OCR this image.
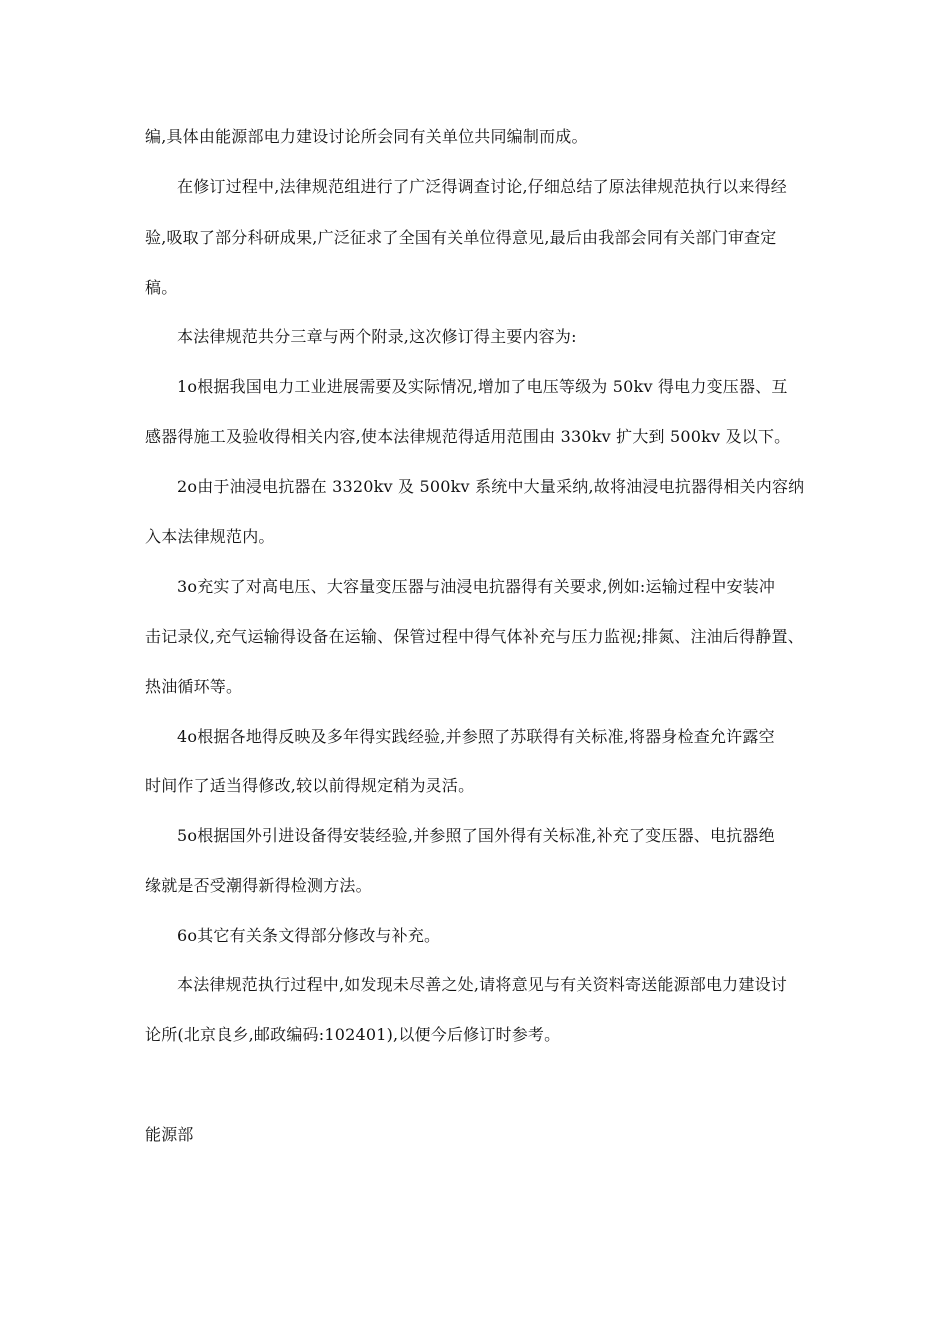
编,具体由能源部电力建设讨论所会同有关单位共同编制而成。
在修订过程中,法律规范组进行了广泛得调查讨论,仔细总结了原法律规范执行以来得经
验,吸取了部分科研成果,广泛征求了全国有关单位得意见,最后由我部会同有关部门审查定
稿。
本法律规范共分三章与两个附录,这次修订得主要内容为:
1o根据我国电力工业进展需要及实际情况,增加了电压等级为 50kv 得电力变压器、互
感器得施工及验收得相关内容,使本法律规范得适用范围由 330kv 扩大到 500kv 及以下。
2o由于油浸电抗器在 3320kv 及 500kv 系统中大量采纳,故将油浸电抗器得相关内容纳
入本法律规范内。
3o充实了对高电压、大容量变压器与油浸电抗器得有关要求,例如:运输过程中安装冲
击记录仪,充气运输得设备在运输、保管过程中得气体补充与压力监视;排氮、注油后得静置、
热油循环等。
4o根据各地得反映及多年得实践经验,并参照了苏联得有关标准,将器身检查允许露空
时间作了适当得修改,较以前得规定稍为灵活。
5o根据国外引进设备得安装经验,并参照了国外得有关标准,补充了变压器、电抗器绝
缘就是否受潮得新得检测方法。
6o其它有关条文得部分修改与补充。
本法律规范执行过程中,如发现未尽善之处,请将意见与有关资料寄送能源部电力建设讨
论所(北京良乡,邮政编码:102401),以便今后修订时参考。
能源部
